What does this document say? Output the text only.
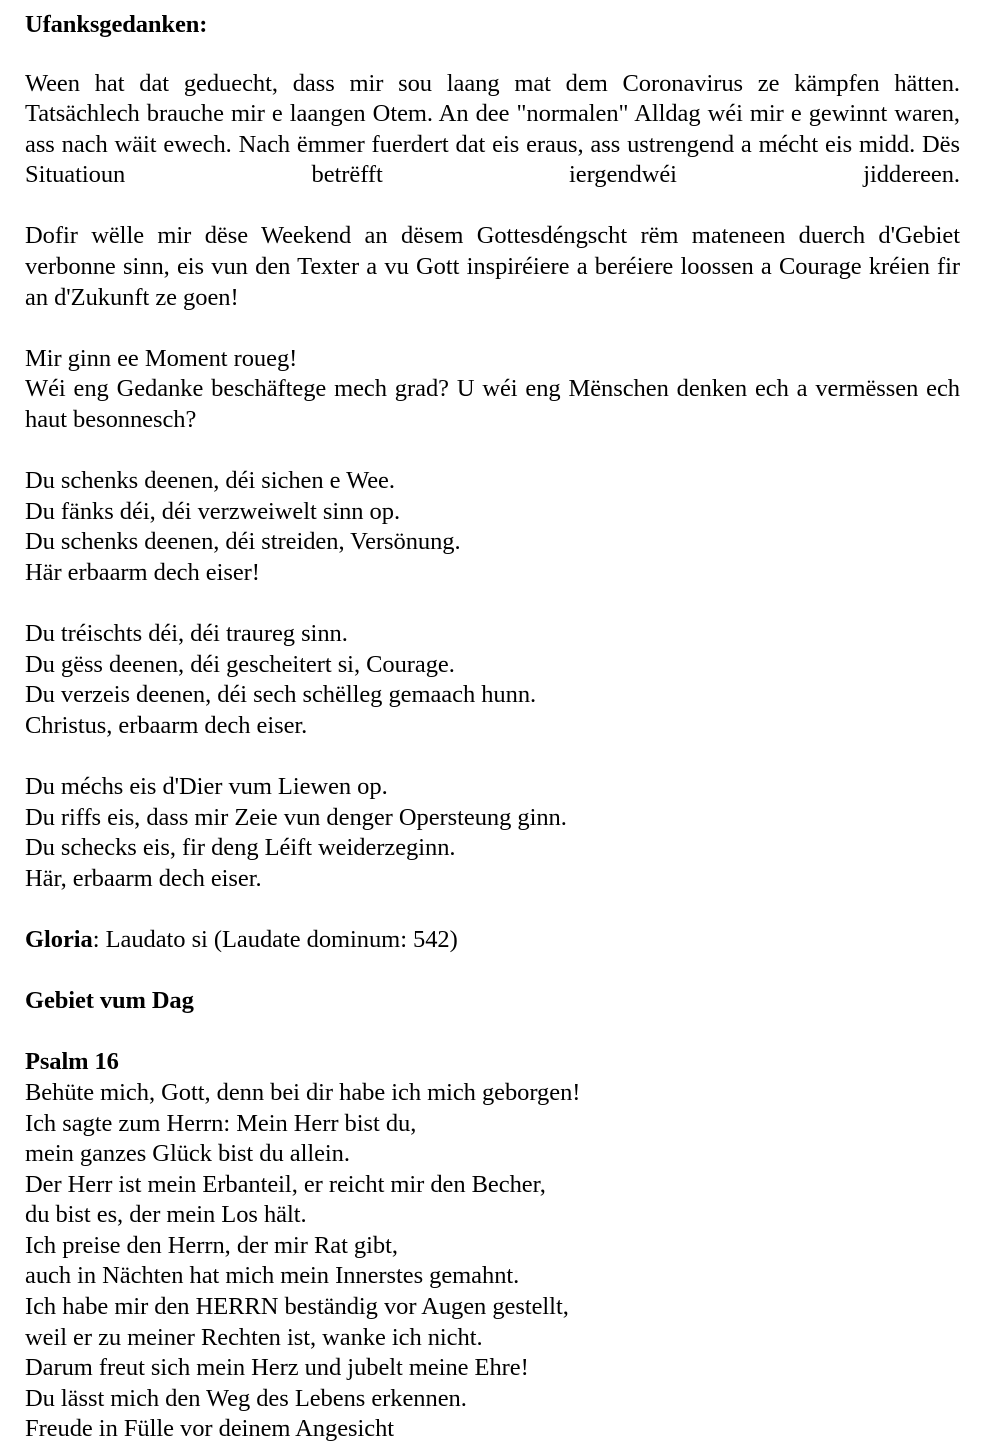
Ufanksgedanken:

Ween hat dat geduecht, dass mir sou laang mat dem Coronavirus ze kämpfen hätten. Tatsächlech brauche mir e laangen Otem. An dee "normalen" Alldag wéi mir e gewinnt waren, ass nach wäit ewech. Nach ëmmer fuerdert dat eis eraus, ass ustrengend a mécht eis midd. Dës Situatioun betrëfft iergendwéi jiddereen.

Dofir wëlle mir dëse Weekend an dësem Gottesdéngscht rëm mateneen duerch d'Gebiet verbonne sinn, eis vun den Texter a vu Gott inspiréiere a beréiere loossen a Courage kréien fir an d'Zukunft ze goen!

Mir ginn ee Moment roueg!

Wéi eng Gedanke beschäftege mech grad? U wéi eng Mënschen denken ech a vermëssen ech haut besonnesch?

Du schenks deenen, déi sichen e Wee.
Du fänks déi, déi verzweiwelt sinn op.
Du schenks deenen, déi streiden, Versönung.
Här erbaarm dech eiser!
Du tréischts déi, déi traureg sinn.
Du gëss deenen, déi gescheitert si, Courage.
Du verzeis deenen, déi sech schëlleg gemaach hunn.
Christus, erbaarm dech eiser.
Du méchs eis d'Dier vum Liewen op.
Du riffs eis, dass mir Zeie vun denger Opersteung ginn.
Du schecks eis, fir deng Léift weiderzeginn.
Här, erbaarm dech eiser.

Gloria: Laudato si (Laudate dominum: 542)

Gebiet vum Dag
Psalm 16
Behüte mich, Gott, denn bei dir habe ich mich geborgen!
Ich sagte zum Herrn: Mein Herr bist du,
mein ganzes Glück bist du allein.
Der Herr ist mein Erbanteil, er reicht mir den Becher,
du bist es, der mein Los hält.
Ich preise den Herrn, der mir Rat gibt,
auch in Nächten hat mich mein Innerstes gemahnt.
Ich habe mir den HERRN beständig vor Augen gestellt,
weil er zu meiner Rechten ist, wanke ich nicht.
Darum freut sich mein Herz und jubelt meine Ehre!
Du lässt mich den Weg des Lebens erkennen.
Freude in Fülle vor deinem Angesicht
